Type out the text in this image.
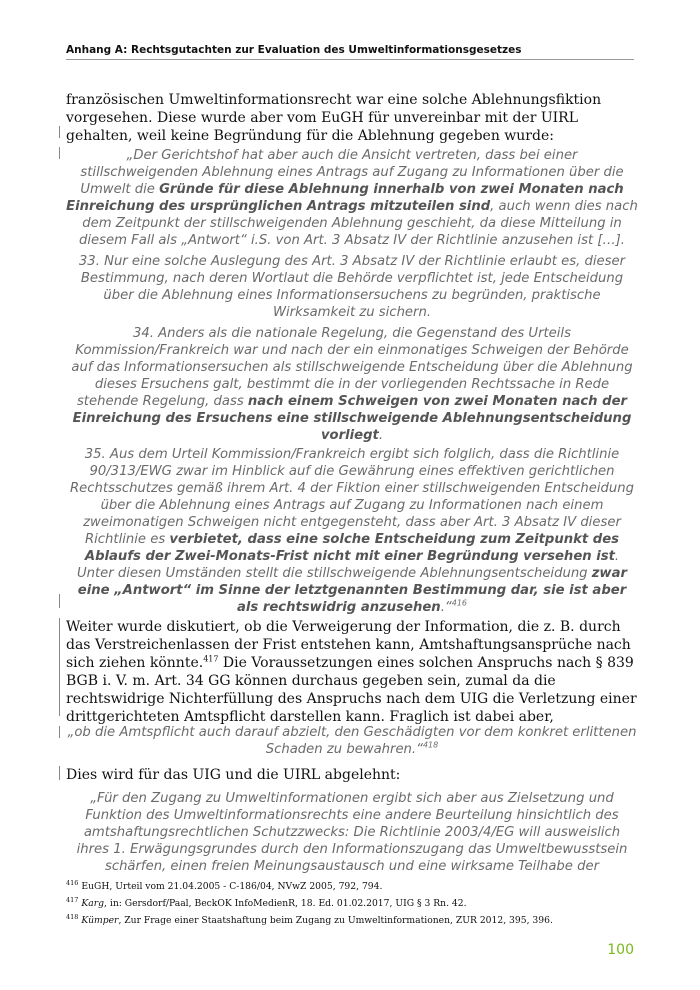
Anhang A: Rechtsgutachten zur Evaluation des Umweltinformationsgesetzes

französischen Umweltinformationsrecht war eine solche Ablehnungsfiktion vorgesehen. Diese wurde aber vom EuGH für unvereinbar mit der UIRL gehalten, weil keine Begründung für die Ablehnung gegeben wurde:

„Der Gerichtshof hat aber auch die Ansicht vertreten, dass bei einer stillschweigenden Ablehnung eines Antrags auf Zugang zu Informationen über die Umwelt die Gründe für diese Ablehnung innerhalb von zwei Monaten nach Einreichung des ursprünglichen Antrags mitzuteilen sind, auch wenn dies nach dem Zeitpunkt der stillschweigenden Ablehnung geschieht, da diese Mitteilung in diesem Fall als „Antwort“ i.S. von Art. 3 Absatz IV der Richtlinie anzusehen ist […].

33. Nur eine solche Auslegung des Art. 3 Absatz IV der Richtlinie erlaubt es, dieser Bestimmung, nach deren Wortlaut die Behörde verpflichtet ist, jede Entscheidung über die Ablehnung eines Informationsersuchens zu begründen, praktische Wirksamkeit zu sichern.

34. Anders als die nationale Regelung, die Gegenstand des Urteils Kommission/Frankreich war und nach der ein einmonatiges Schweigen der Behörde auf das Informationsersuchen als stillschweigende Entscheidung über die Ablehnung dieses Ersuchens galt, bestimmt die in der vorliegenden Rechtssache in Rede stehende Regelung, dass nach einem Schweigen von zwei Monaten nach der Einreichung des Ersuchens eine stillschweigende Ablehnungsentscheidung vorliegt.

35. Aus dem Urteil Kommission/Frankreich ergibt sich folglich, dass die Richtlinie 90/313/EWG zwar im Hinblick auf die Gewährung eines effektiven gerichtlichen Rechtsschutzes gemäß ihrem Art. 4 der Fiktion einer stillschweigenden Entscheidung über die Ablehnung eines Antrags auf Zugang zu Informationen nach einem zweimonatigen Schweigen nicht entgegensteht, dass aber Art. 3 Absatz IV dieser Richtlinie es verbietet, dass eine solche Entscheidung zum Zeitpunkt des Ablaufs der Zwei-Monats-Frist nicht mit einer Begründung versehen ist. Unter diesen Umständen stellt die stillschweigende Ablehnungsentscheidung zwar eine „Antwort“ im Sinne der letztgenannten Bestimmung dar, sie ist aber als rechtswidrig anzusehen.“$^{416}$

Weiter wurde diskutiert, ob die Verweigerung der Information, die z. B. durch das Verstreichenlassen der Frist entstehen kann, Amtshaftungsansprüche nach sich ziehen könnte.$^{417}$ Die Voraussetzungen eines solchen Anspruchs nach § 839 BGB i. V. m. Art. 34 GG können durchaus gegeben sein, zumal da die rechtswidrige Nichterfüllung des Anspruchs nach dem UIG die Verletzung einer drittgerichteten Amtspflicht darstellen kann. Fraglich ist dabei aber,

„ob die Amtspflicht auch darauf abzielt, den Geschädigten vor dem konkret erlittenen Schaden zu bewahren.“$^{418}$

Dies wird für das UIG und die UIRL abgelehnt:

„Für den Zugang zu Umweltinformationen ergibt sich aber aus Zielsetzung und Funktion des Umweltinformationsrechts eine andere Beurteilung hinsichtlich des amtshaftungsrechtlichen Schutzzwecks: Die Richtlinie 2003/4/EG will ausweislich ihres 1. Erwägungsgrundes durch den Informationszugang das Umweltbewusstsein schärfen, einen freien Meinungsaustausch und eine wirksame Teilhabe der

$^{416}$ EuGH, Urteil vom 21.04.2005 - C-186/04, NVwZ 2005, 792, 794.
$^{417}$ Karg, in: Gersdorf/Paal, BeckOK InfoMedienR, 18. Ed. 01.02.2017, UIG § 3 Rn. 42.
$^{418}$ Kümper, Zur Frage einer Staatshaftung beim Zugang zu Umweltinformationen, ZUR 2012, 395, 396.
100
